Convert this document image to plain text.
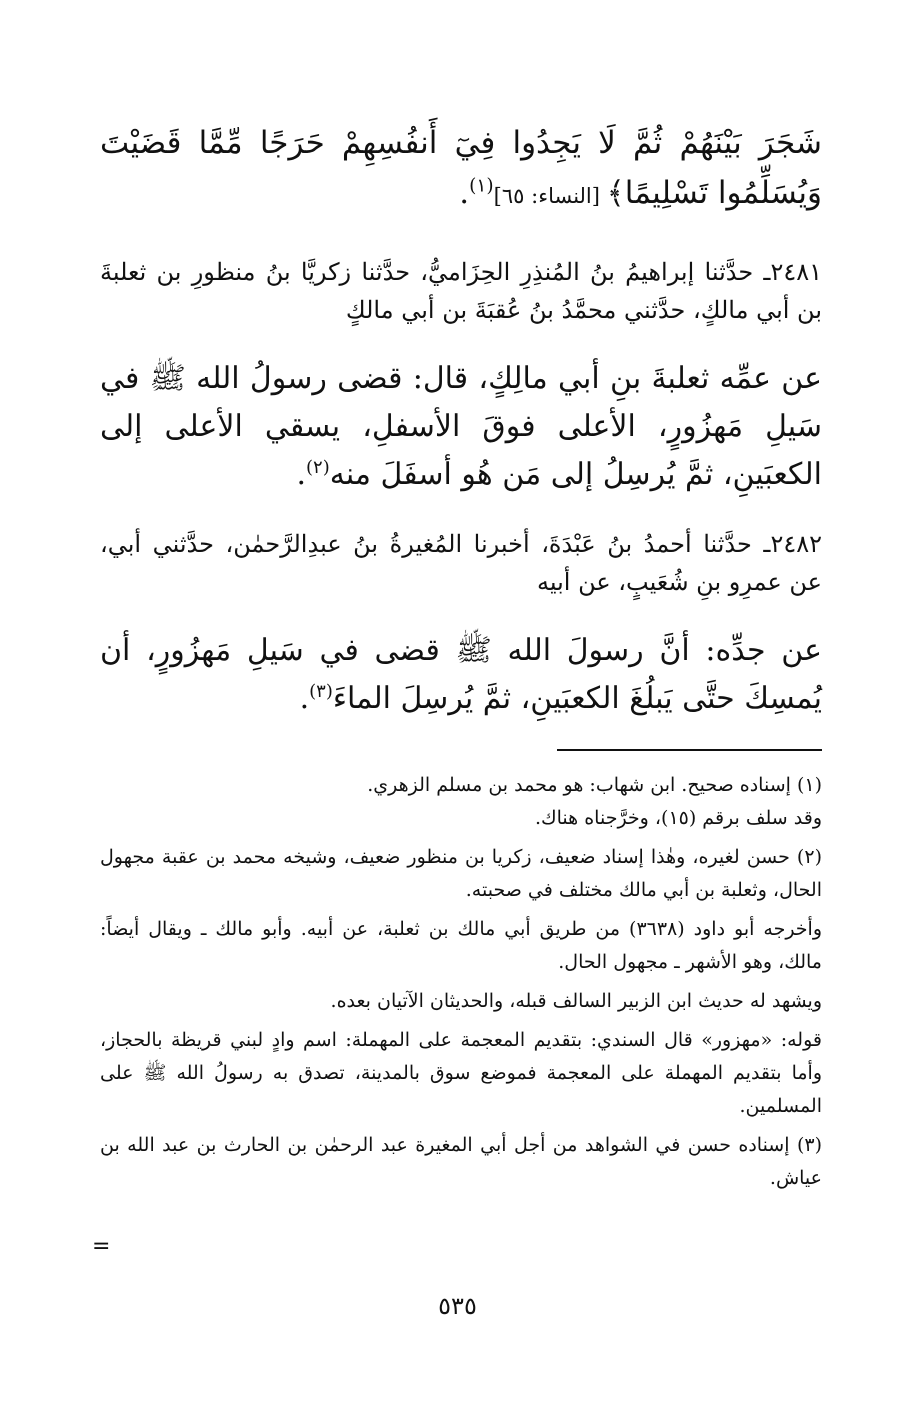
شَجَرَ بَيْنَهُمْ ثُمَّ لَا يَجِدُوا فِيٓ أَنفُسِهِمْ حَرَجًا مِّمَّا قَضَيْتَ وَيُسَلِّمُوا تَسْلِيمًا﴾ [النساء: ٦٥]$^{(١)}$.

٢٤٨١ـ حدَّثنا إبراهيمُ بنُ المُنذِرِ الحِزَاميُّ، حدَّثنا زكريَّا بنُ منظورِ بن ثعلبةَ بن أبي مالكٍ، حدَّثني محمَّدُ بنُ عُقبَةَ بن أبي مالكٍ

عن عمِّه ثعلبةَ بنِ أبي مالِكٍ، قال: قضى رسولُ الله ﷺ في سَيلِ مَهزُورٍ، الأعلى فوقَ الأسفلِ، يسقي الأعلى إلى الكعبَينِ، ثمَّ يُرسِلُ إلى مَن هُو أسفَلَ منه$^{(٢)}$.

٢٤٨٢ـ حدَّثنا أحمدُ بنُ عَبْدَةَ، أخبرنا المُغيرةُ بنُ عبدِالرَّحمٰن، حدَّثني أبي، عن عمرِو بنِ شُعَيبٍ، عن أبيه

عن جدِّه: أنَّ رسولَ الله ﷺ قضى في سَيلِ مَهزُورٍ، أن يُمسِكَ حتَّى يَبلُغَ الكعبَينِ، ثمَّ يُرسِلَ الماءَ$^{(٣)}$.

(١) إسناده صحيح. ابن شهاب: هو محمد بن مسلم الزهري.

وقد سلف برقم (١٥)، وخرَّجناه هناك.

(٢) حسن لغيره، وهٰذا إسناد ضعيف، زكريا بن منظور ضعيف، وشيخه محمد بن عقبة مجهول الحال، وثعلبة بن أبي مالك مختلف في صحبته.

وأخرجه أبو داود (٣٦٣٨) من طريق أبي مالك بن ثعلبة، عن أبيه. وأبو مالك ـ ويقال أيضاً: مالك، وهو الأشهر ـ مجهول الحال.

ويشهد له حديث ابن الزبير السالف قبله، والحديثان الآتيان بعده.

قوله: «مهزور» قال السندي: بتقديم المعجمة على المهملة: اسم وادٍ لبني قريظة بالحجاز، وأما بتقديم المهملة على المعجمة فموضع سوق بالمدينة، تصدق به رسولُ الله ﷺ على المسلمين.

(٣) إسناده حسن في الشواهد من أجل أبي المغيرة عبد الرحمٰن بن الحارث بن عبد الله بن عياش.

=
٥٣٥
